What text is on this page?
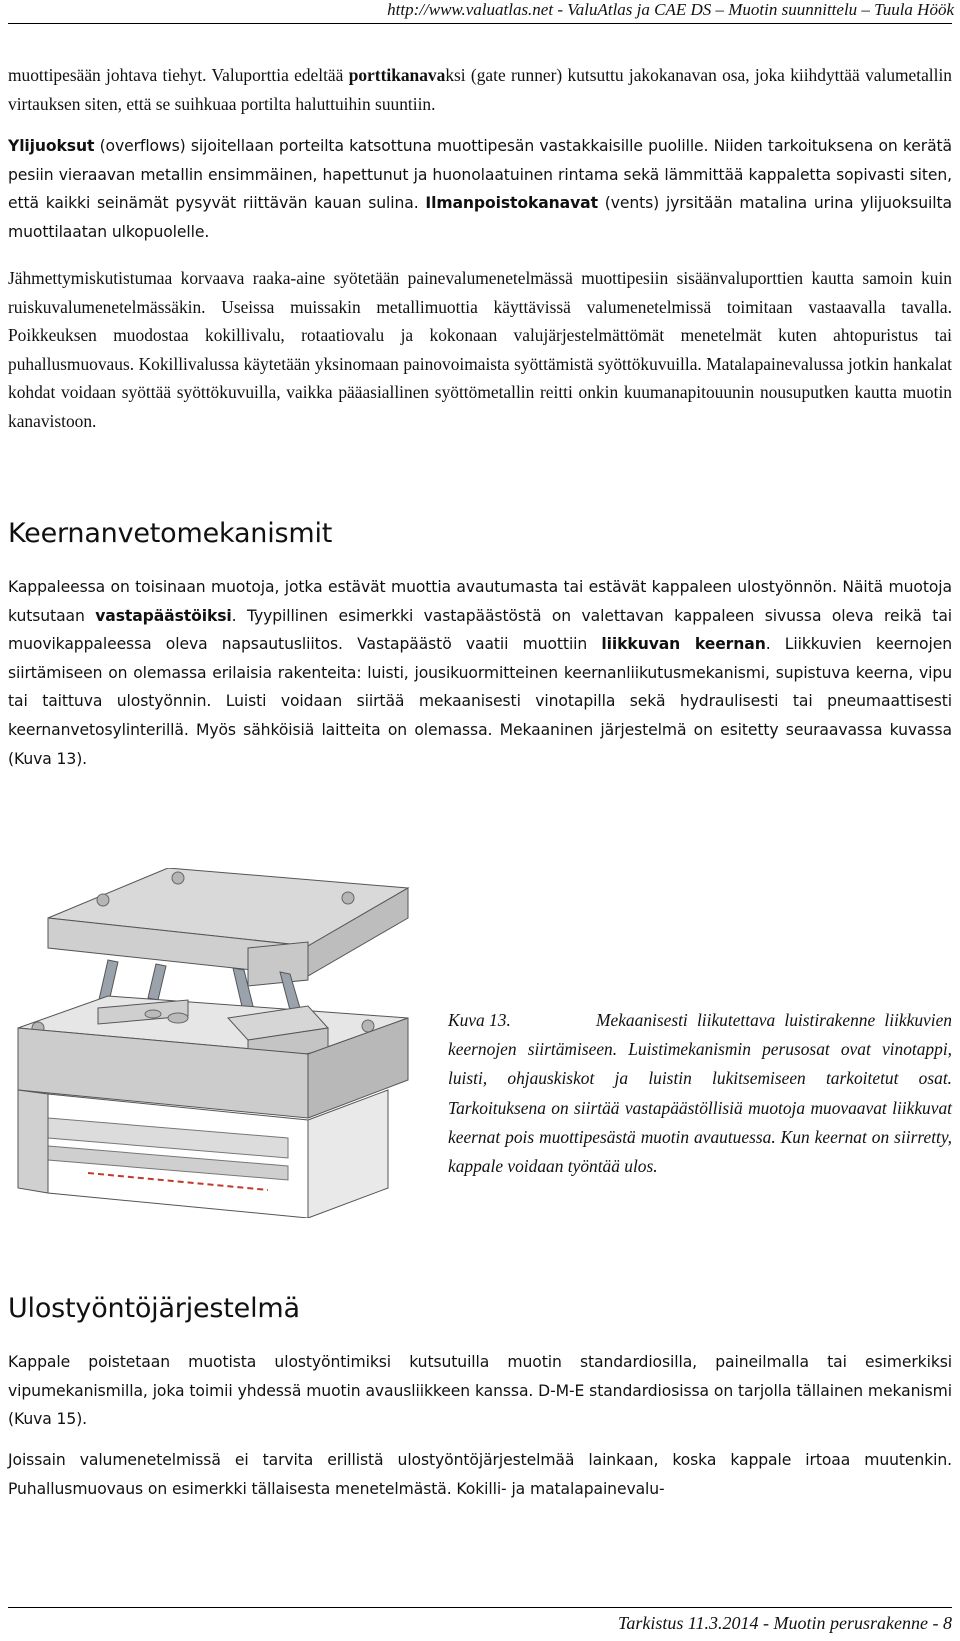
http://www.valuatlas.net - ValuAtlas ja CAE DS – Muotin suunnittelu – Tuula Höök

muottipesään johtava tiehyt. Valuporttia edeltää porttikanavaksi (gate runner) kutsuttu jakokanavan osa, joka kiihdyttää valumetallin virtauksen siten, että se suihkuaa portilta haluttuihin suuntiin.

Ylijuoksut (overflows) sijoitellaan porteilta katsottuna muottipesän vastakkaisille puolille. Niiden tarkoituksena on kerätä pesiin vieraavan metallin ensimmäinen, hapettunut ja huonolaatuinen rintama sekä lämmittää kappaletta sopivasti siten, että kaikki seinämät pysyvät riittävän kauan sulina. Ilmanpoistokanavat (vents) jyrsitään matalina urina ylijuoksuilta muottilaatan ulkopuolelle.

Jähmettymiskutistumaa korvaava raaka-aine syötetään painevalumenetelmässä muottipesiin sisäänvaluporttien kautta samoin kuin ruiskuvalumenetelmässäkin. Useissa muissakin metallimuottia käyttävissä valumenetelmissä toimitaan vastaavalla tavalla. Poikkeuksen muodostaa kokillivalu, rotaatiovalu ja kokonaan valujärjestelmättömät menetelmät kuten ahtopuristus tai puhallusmuovaus. Kokillivalussa käytetään yksinomaan painovoimaista syöttämistä syöttökuvuilla. Matalapainevalussa jotkin hankalat kohdat voidaan syöttää syöttökuvuilla, vaikka pääasiallinen syöttömetallin reitti onkin kuumanapitouunin nousuputken kautta muotin kanavistoon.

Keernanvetomekanismit

Kappaleessa on toisinaan muotoja, jotka estävät muottia avautumasta tai estävät kappaleen ulostyönnön. Näitä muotoja kutsutaan vastapäästöiksi. Tyypillinen esimerkki vastapäästöstä on valettavan kappaleen sivussa oleva reikä tai muovikappaleessa oleva napsautusliitos. Vastapäästö vaatii muottiin liikkuvan keernan. Liikkuvien keernojen siirtämiseen on olemassa erilaisia rakenteita: luisti, jousikuormitteinen keernanliikutusmekanismi, supistuva keerna, vipu tai taittuva ulostyönnin. Luisti voidaan siirtää mekaanisesti vinotapilla sekä hydraulisesti tai pneumaattisesti keernanvetosylinterillä. Myös sähköisiä laitteita on olemassa. Mekaaninen järjestelmä on esitetty seuraavassa kuvassa (Kuva 13).

Kuva 13.	Mekaanisesti liikutettava luistirakenne liikkuvien keernojen siirtämiseen. Luistimekanismin perusosat ovat vinotappi, luisti, ohjauskiskot ja luistin lukitsemiseen tarkoitetut osat. Tarkoituksena on siirtää vastapäästöllisiä muotoja muovaavat liikkuvat keernat pois muottipesästä muotin avautuessa. Kun keernat on siirretty, kappale voidaan työntää ulos.

Ulostyöntöjärjestelmä

Kappale poistetaan muotista ulostyöntimiksi kutsutuilla muotin standardiosilla, paineilmalla tai esimerkiksi vipumekanismilla, joka toimii yhdessä muotin avausliikkeen kanssa. D-M-E standardiosissa on tarjolla tällainen mekanismi (Kuva 15).

Joissain valumenetelmissä ei tarvita erillistä ulostyöntöjärjestelmää lainkaan, koska kappale irtoaa muutenkin. Puhallusmuovaus on esimerkki tällaisesta menetelmästä. Kokilli- ja matalapainevalu-

Tarkistus 11.3.2014 - Muotin perusrakenne - 8
